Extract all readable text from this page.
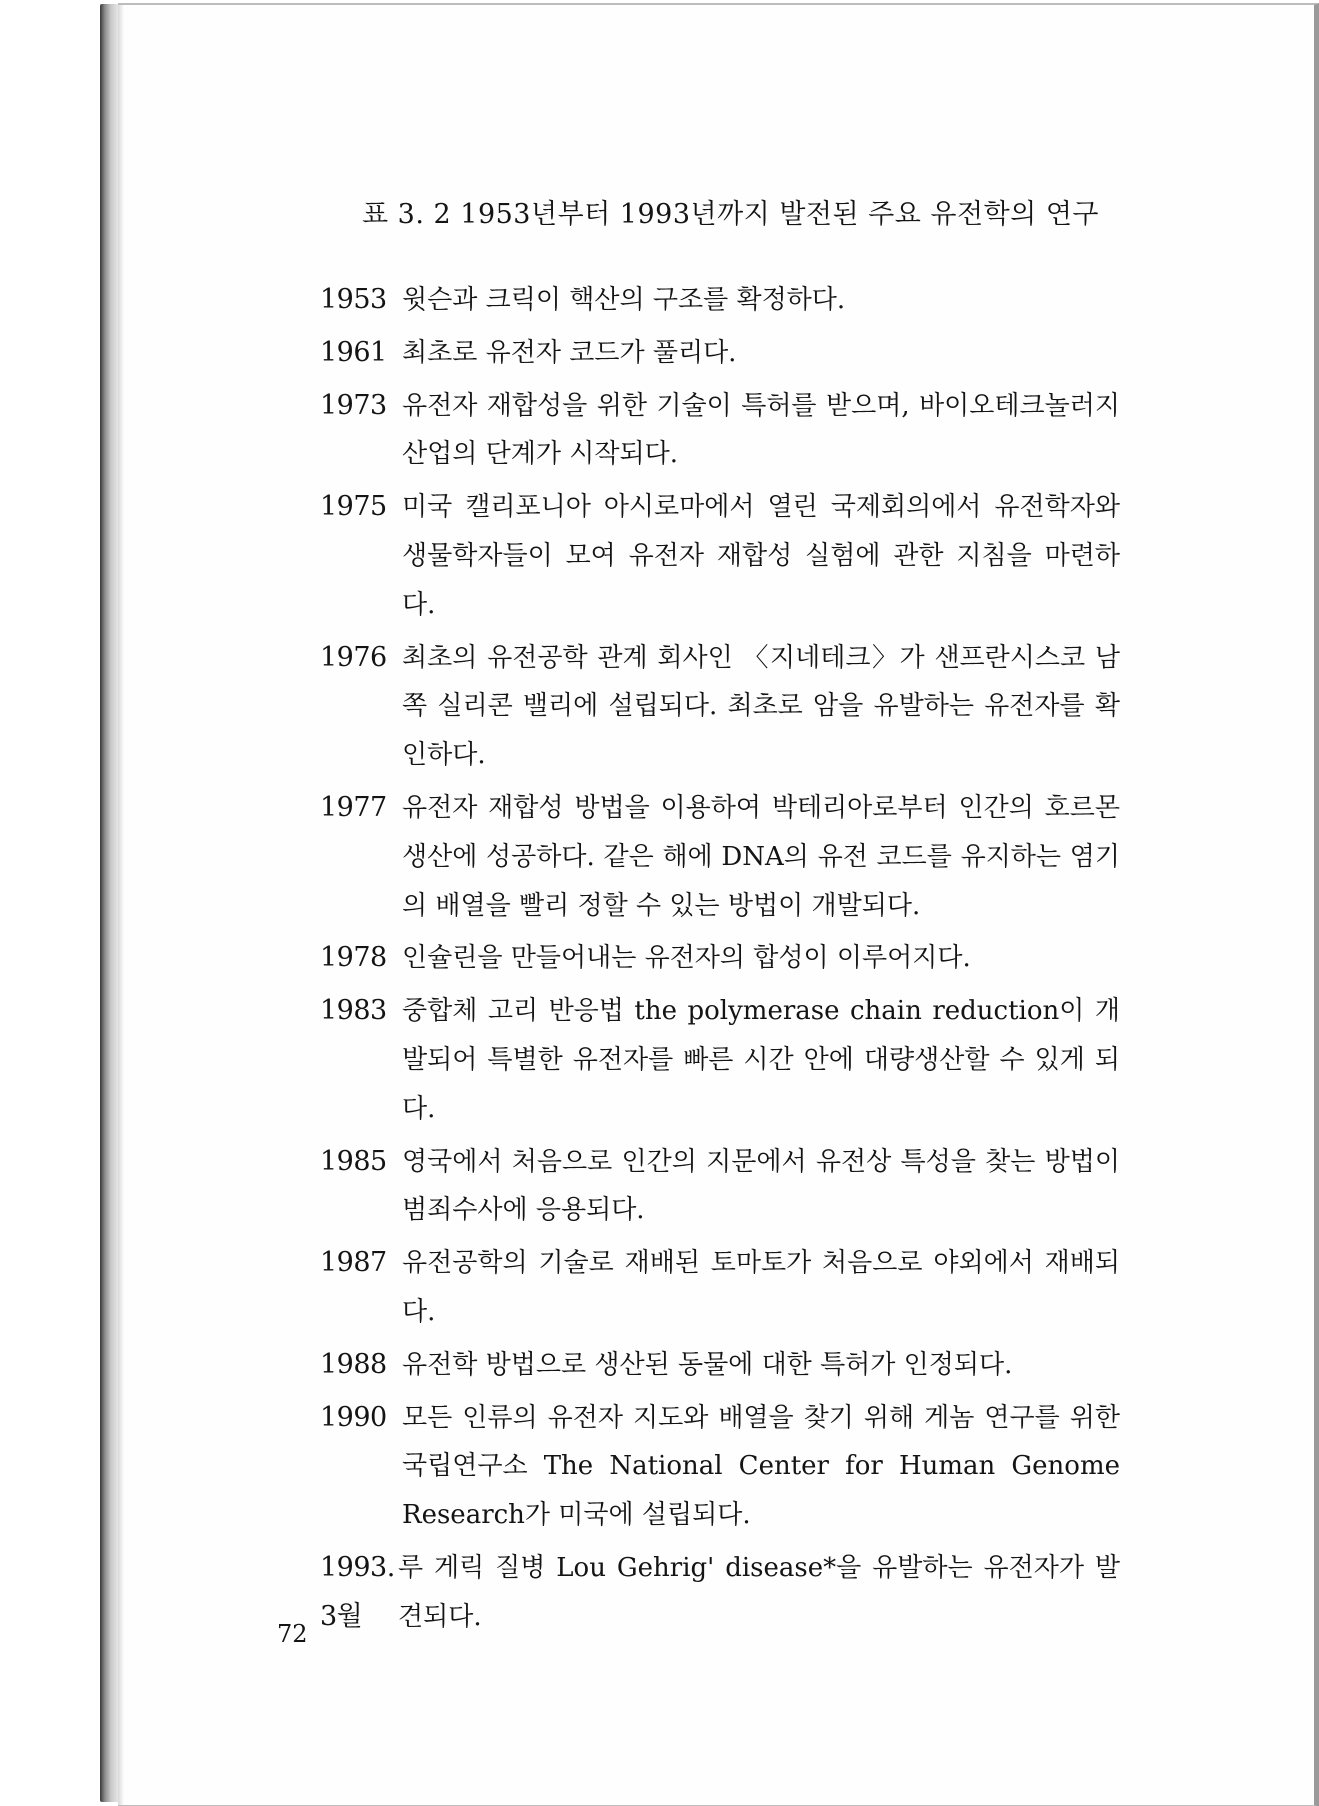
표 3. 2 1953년부터 1993년까지 발전된 주요 유전학의 연구
1953 윗슨과 크릭이 핵산의 구조를 확정하다.
1961 최초로 유전자 코드가 풀리다.
1973 유전자 재합성을 위한 기술이 특허를 받으며, 바이오테크놀러지 산업의 단계가 시작되다.
1975 미국 캘리포니아 아시로마에서 열린 국제회의에서 유전학자와 생물학자들이 모여 유전자 재합성 실험에 관한 지침을 마련하다.
1976 최초의 유전공학 관계 회사인 〈지네테크〉가 샌프란시스코 남쪽 실리콘 밸리에 설립되다. 최초로 암을 유발하는 유전자를 확인하다.
1977 유전자 재합성 방법을 이용하여 박테리아로부터 인간의 호르몬 생산에 성공하다. 같은 해에 DNA의 유전 코드를 유지하는 염기의 배열을 빨리 정할 수 있는 방법이 개발되다.
1978 인슐린을 만들어내는 유전자의 합성이 이루어지다.
1983 중합체 고리 반응법 the polymerase chain reduction이 개발되어 특별한 유전자를 빠른 시간 안에 대량생산할 수 있게 되다.
1985 영국에서 처음으로 인간의 지문에서 유전상 특성을 찾는 방법이 범죄수사에 응용되다.
1987 유전공학의 기술로 재배된 토마토가 처음으로 야외에서 재배되다.
1988 유전학 방법으로 생산된 동물에 대한 특허가 인정되다.
1990 모든 인류의 유전자 지도와 배열을 찾기 위해 게놈 연구를 위한 국립연구소 The National Center for Human Genome Research가 미국에 설립되다.
1993. 3월
루 게릭 질병 Lou Gehrig' disease*을 유발하는 유전자가 발견되다.
72
